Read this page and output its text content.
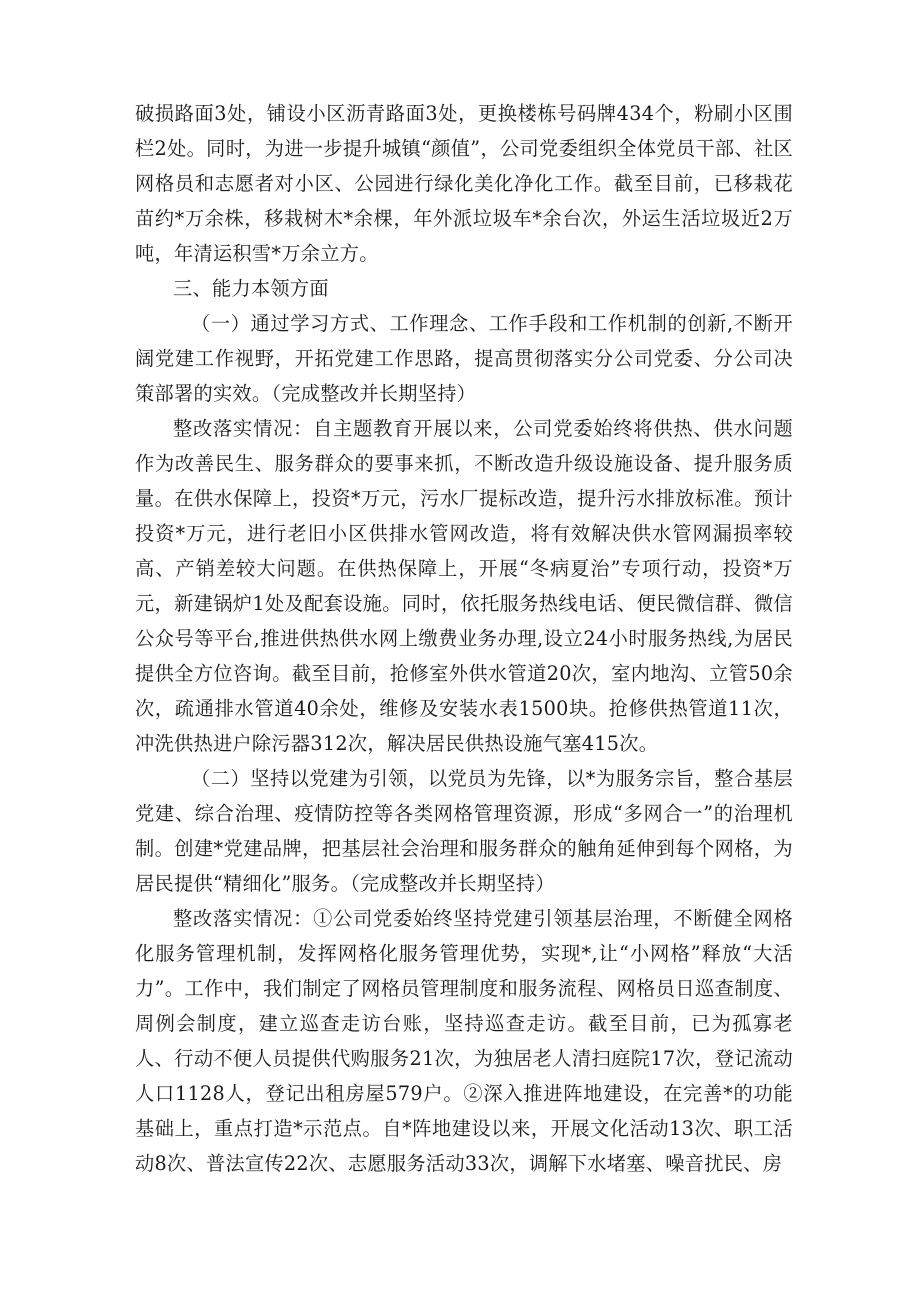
破损路面3处，铺设小区沥青路面3处，更换楼栋号码牌434个，粉刷小区围栏2处。同时，为进一步提升城镇“颜值”，公司党委组织全体党员干部、社区网格员和志愿者对小区、公园进行绿化美化净化工作。截至目前，已移栽花苗约*万余株，移栽树木*余棵，年外派垃圾车*余台次，外运生活垃圾近2万吨，年清运积雪*万余立方。

三、能力本领方面

（一）通过学习方式、工作理念、工作手段和工作机制的创新,不断开阔党建工作视野，开拓党建工作思路，提高贯彻落实分公司党委、分公司决策部署的实效。（完成整改并长期坚持）

整改落实情况：自主题教育开展以来，公司党委始终将供热、供水问题作为改善民生、服务群众的要事来抓，不断改造升级设施设备、提升服务质量。在供水保障上，投资*万元，污水厂提标改造，提升污水排放标准。预计投资*万元，进行老旧小区供排水管网改造，将有效解决供水管网漏损率较高、产销差较大问题。在供热保障上，开展“冬病夏治”专项行动，投资*万元，新建锅炉1处及配套设施。同时，依托服务热线电话、便民微信群、微信公众号等平台,推进供热供水网上缴费业务办理,设立24小时服务热线,为居民提供全方位咨询。截至目前，抢修室外供水管道20次，室内地沟、立管50余次，疏通排水管道40余处，维修及安装水表1500块。抢修供热管道11次，冲洗供热进户除污器312次，解决居民供热设施气塞415次。

（二）坚持以党建为引领，以党员为先锋，以*为服务宗旨，整合基层党建、综合治理、疫情防控等各类网格管理资源，形成“多网合一”的治理机制。创建*党建品牌，把基层社会治理和服务群众的触角延伸到每个网格，为居民提供“精细化”服务。（完成整改并长期坚持）

整改落实情况：①公司党委始终坚持党建引领基层治理，不断健全网格化服务管理机制，发挥网格化服务管理优势，实现*,让“小网格”释放“大活力”。工作中，我们制定了网格员管理制度和服务流程、网格员日巡查制度、周例会制度，建立巡查走访台账，坚持巡查走访。截至目前，已为孤寡老人、行动不便人员提供代购服务21次，为独居老人清扫庭院17次，登记流动人口1128人，登记出租房屋579户。②深入推进阵地建设，在完善*的功能基础上，重点打造*示范点。自*阵地建设以来，开展文化活动13次、职工活动8次、普法宣传22次、志愿服务活动33次，调解下水堵塞、噪音扰民、房
